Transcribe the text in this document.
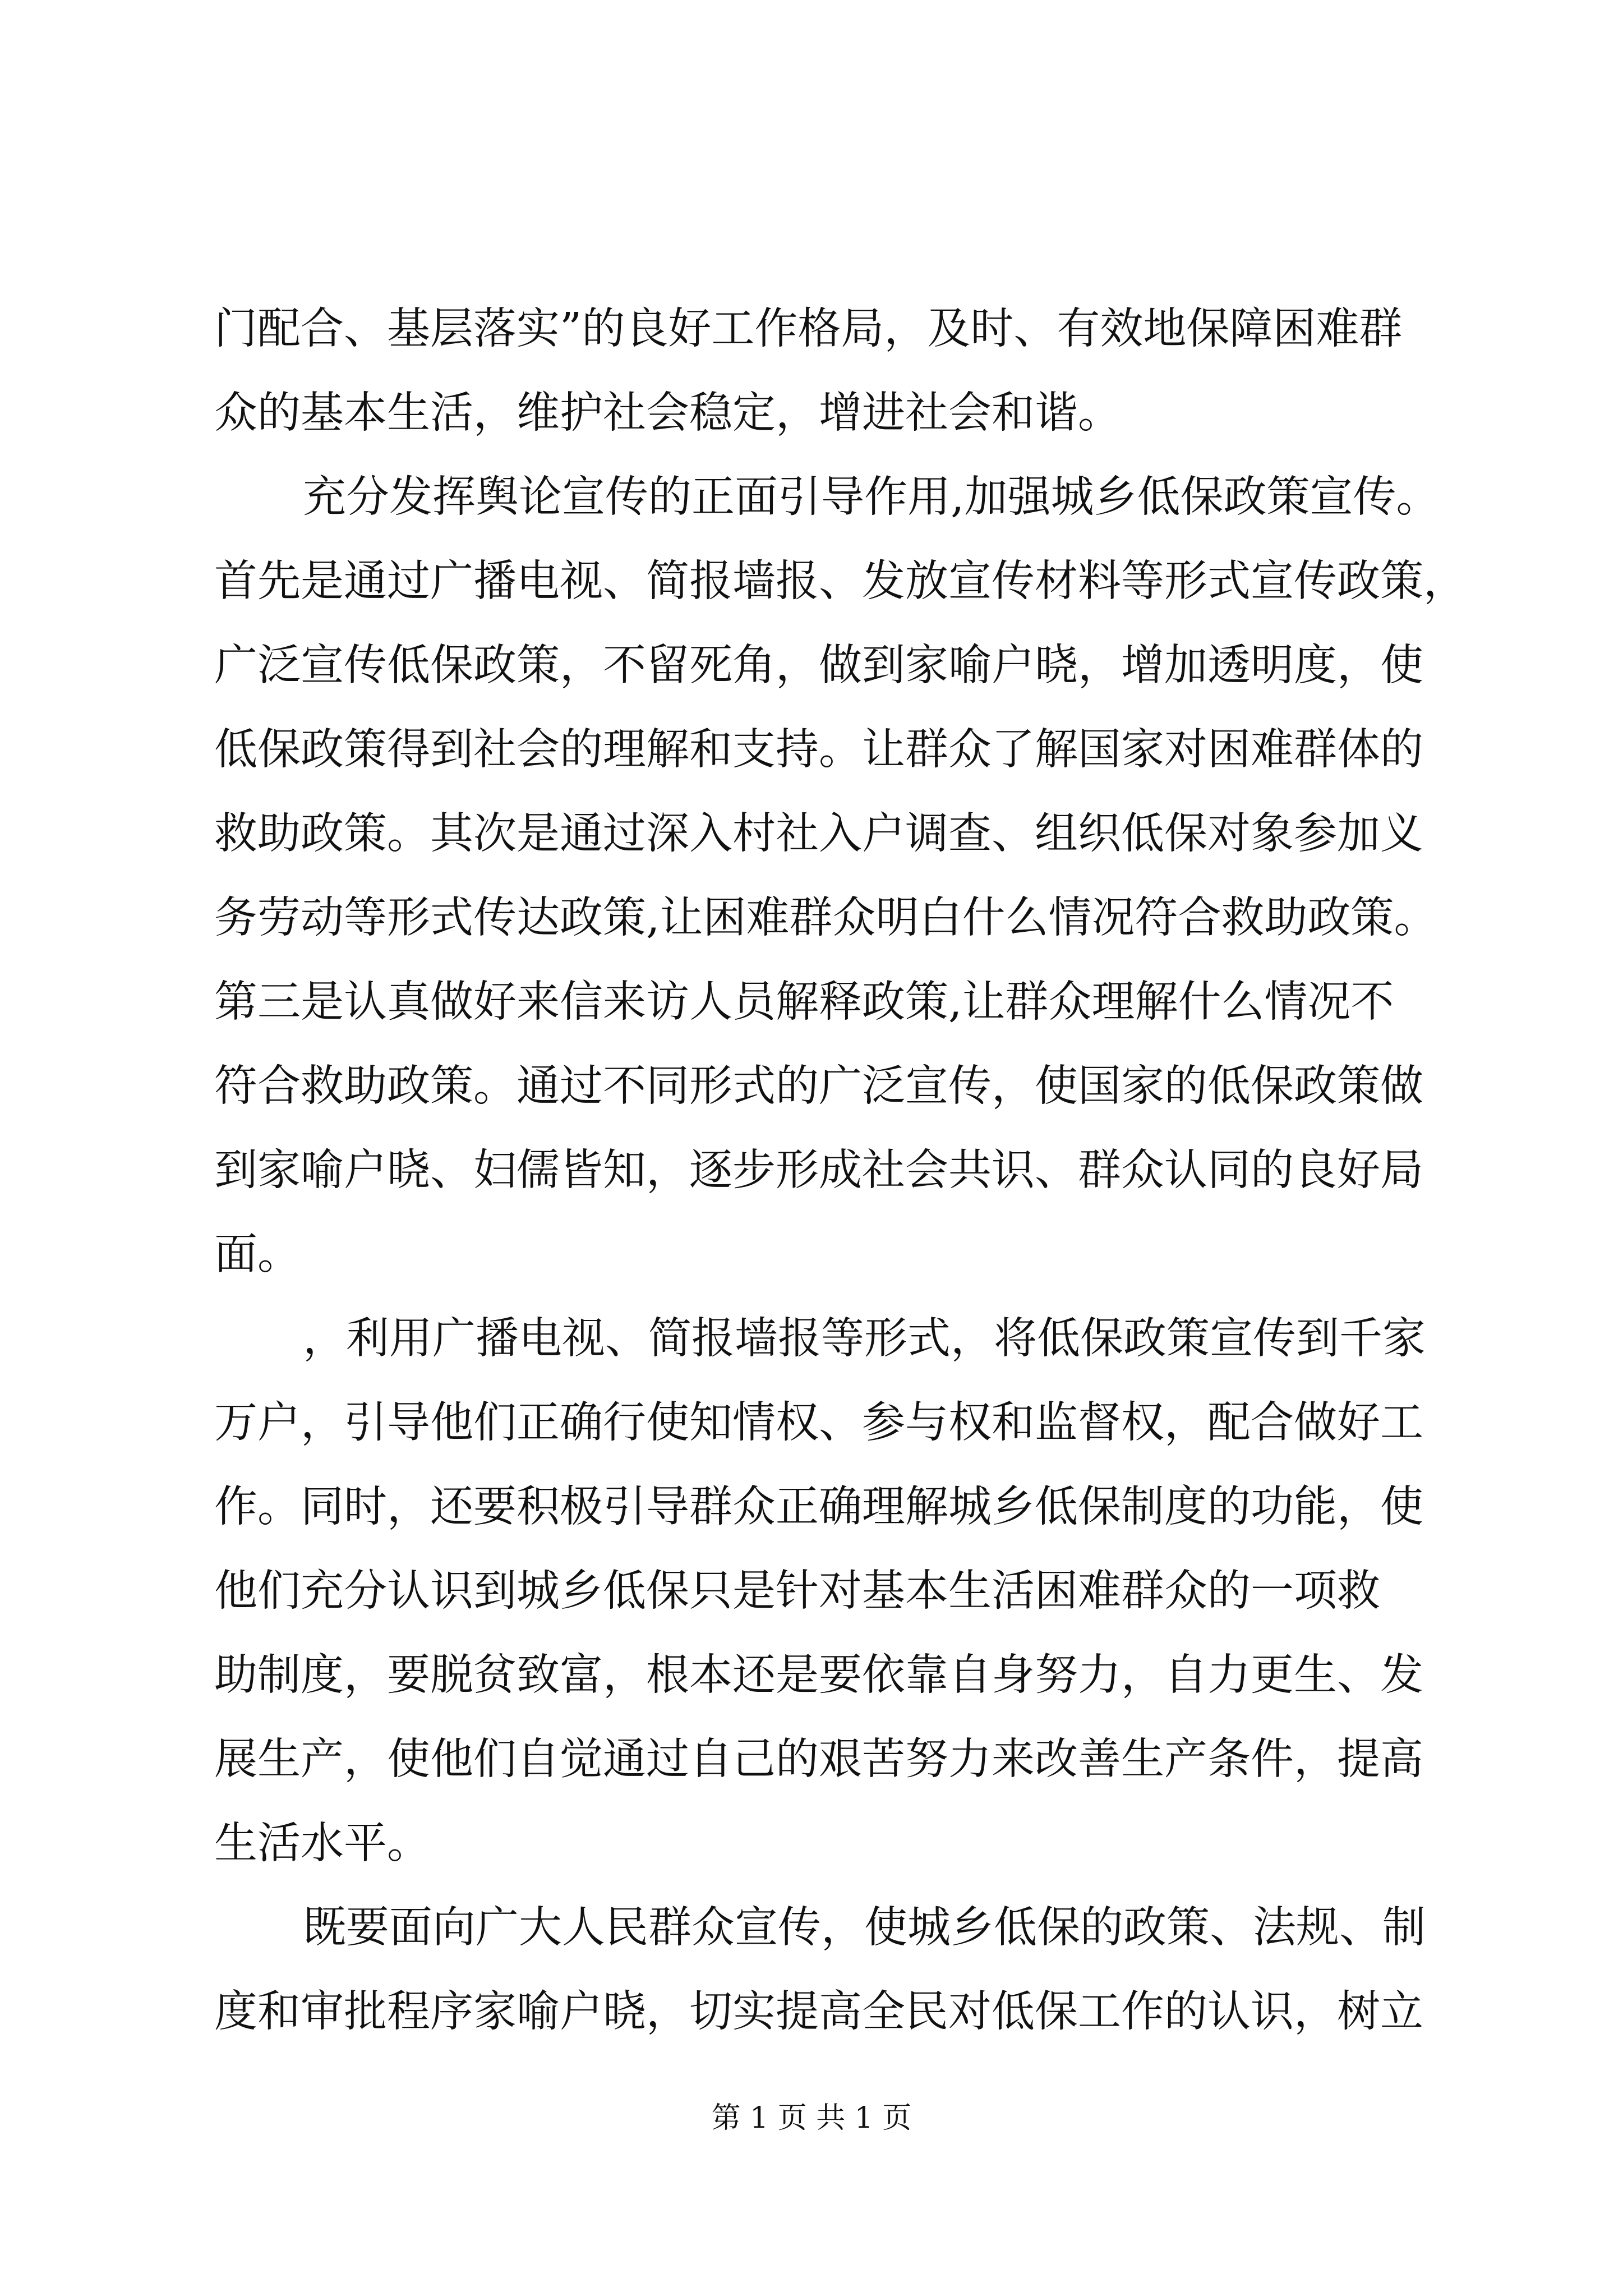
门配合、基层落实”的良好工作格局，及时、有效地保障困难群
众的基本生活，维护社会稳定，增进社会和谐。
充分发挥舆论宣传的正面引导作用,加强城乡低保政策宣传。
首先是通过广播电视、简报墙报、发放宣传材料等形式宣传政策，
广泛宣传低保政策，不留死角，做到家喻户晓，增加透明度，使
低保政策得到社会的理解和支持。让群众了解国家对困难群体的
救助政策。其次是通过深入村社入户调查、组织低保对象参加义
务劳动等形式传达政策,让困难群众明白什么情况符合救助政策。
第三是认真做好来信来访人员解释政策,让群众理解什么情况不
符合救助政策。通过不同形式的广泛宣传，使国家的低保政策做
到家喻户晓、妇儒皆知，逐步形成社会共识、群众认同的良好局
面。
，利用广播电视、简报墙报等形式，将低保政策宣传到千家
万户，引导他们正确行使知情权、参与权和监督权，配合做好工
作。同时，还要积极引导群众正确理解城乡低保制度的功能，使
他们充分认识到城乡低保只是针对基本生活困难群众的一项救
助制度，要脱贫致富，根本还是要依靠自身努力，自力更生、发
展生产，使他们自觉通过自己的艰苦努力来改善生产条件，提高
生活水平。
既要面向广大人民群众宣传，使城乡低保的政策、法规、制
度和审批程序家喻户晓，切实提高全民对低保工作的认识，树立
第 1 页 共 1 页
